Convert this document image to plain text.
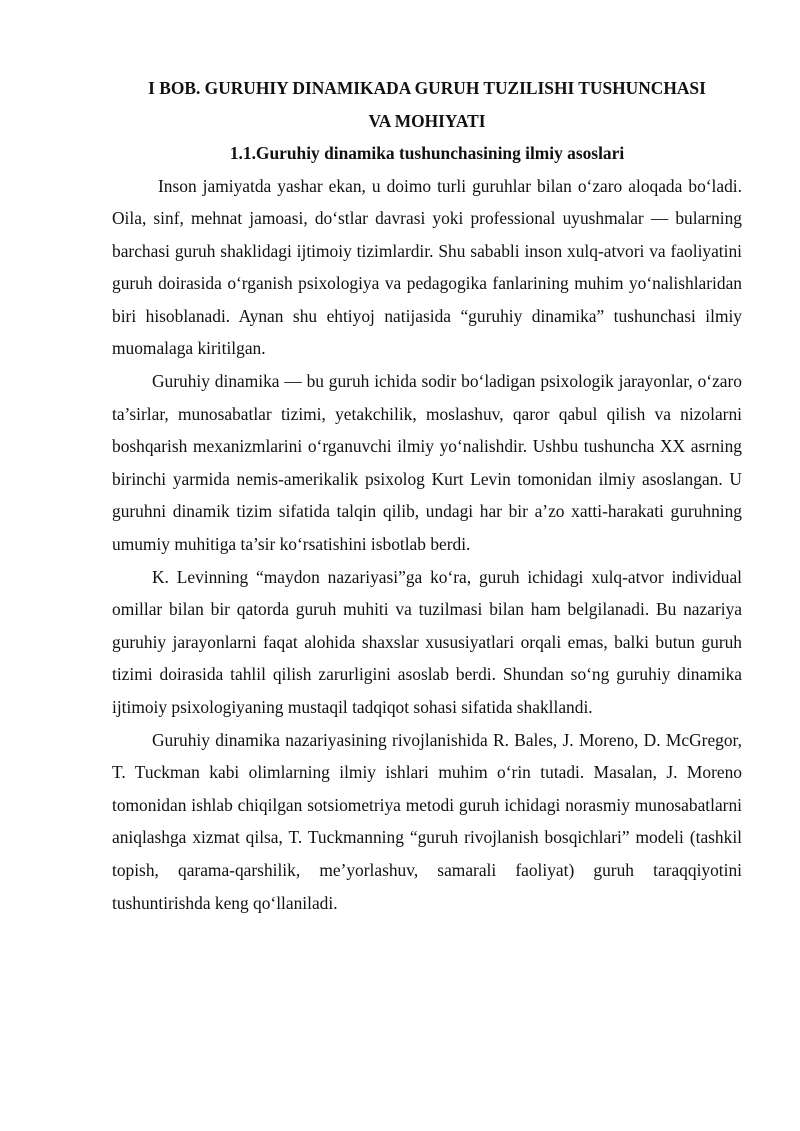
I BOB. GURUHIY DINAMIKADA GURUH TUZILISHI TUSHUNCHASI
VA MOHIYATI
1.1.Guruhiy dinamika tushunchasining ilmiy asoslari

Inson jamiyatda yashar ekan, u doimo turli guruhlar bilan o‘zaro aloqada bo‘ladi. Oila, sinf, mehnat jamoasi, do‘stlar davrasi yoki professional uyushmalar — bularning barchasi guruh shaklidagi ijtimoiy tizimlardir. Shu sababli inson xulq-atvori va faoliyatini guruh doirasida o‘rganish psixologiya va pedagogika fanlarining muhim yo‘nalishlaridan biri hisoblanadi. Aynan shu ehtiyoj natijasida “guruhiy dinamika” tushunchasi ilmiy muomalaga kiritilgan.

Guruhiy dinamika — bu guruh ichida sodir bo‘ladigan psixologik jarayonlar, o‘zaro ta’sirlar, munosabatlar tizimi, yetakchilik, moslashuv, qaror qabul qilish va nizolarni boshqarish mexanizmlarini o‘rganuvchi ilmiy yo‘nalishdir. Ushbu tushuncha XX asrning birinchi yarmida nemis-amerikalik psixolog Kurt Levin tomonidan ilmiy asoslangan. U guruhni dinamik tizim sifatida talqin qilib, undagi har bir a’zo xatti-harakati guruhning umumiy muhitiga ta’sir ko‘rsatishini isbotlab berdi.

K. Levinning “maydon nazariyasi”ga ko‘ra, guruh ichidagi xulq-atvor individual omillar bilan bir qatorda guruh muhiti va tuzilmasi bilan ham belgilanadi. Bu nazariya guruhiy jarayonlarni faqat alohida shaxslar xususiyatlari orqali emas, balki butun guruh tizimi doirasida tahlil qilish zarurligini asoslab berdi. Shundan so‘ng guruhiy dinamika ijtimoiy psixologiyaning mustaqil tadqiqot sohasi sifatida shakllandi.

Guruhiy dinamika nazariyasining rivojlanishida R. Bales, J. Moreno, D. McGregor, T. Tuckman kabi olimlarning ilmiy ishlari muhim o‘rin tutadi. Masalan, J. Moreno tomonidan ishlab chiqilgan sotsiometriya metodi guruh ichidagi norasmiy munosabatlarni aniqlashga xizmat qilsa, T. Tuckmanning “guruh rivojlanish bosqichlari” modeli (tashkil topish, qarama-qarshilik, me’yorlashuv, samarali faoliyat) guruh taraqqiyotini tushuntirishda keng qo‘llaniladi.
